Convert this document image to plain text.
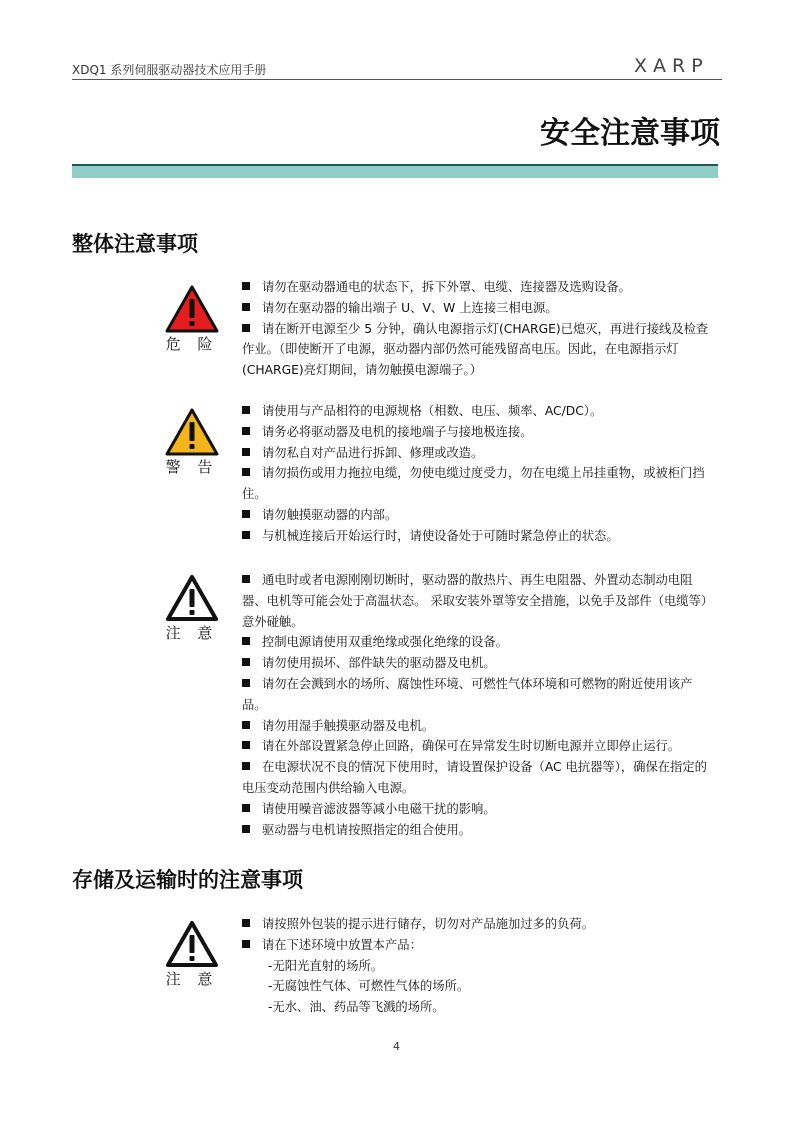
XDQ1 系列伺服驱动器技术应用手册	XARP
安全注意事项
整体注意事项
危 险
请勿在驱动器通电的状态下，拆下外罩、电缆、连接器及选购设备。
请勿在驱动器的输出端子 U、V、W 上连接三相电源。
请在断开电源至少 5 分钟，确认电源指示灯(CHARGE)已熄灭，再进行接线及检查作业。（即使断开了电源，驱动器内部仍然可能残留高电压。因此，在电源指示灯(CHARGE)亮灯期间，请勿触摸电源端子。）
警 告
请使用与产品相符的电源规格（相数、电压、频率、AC/DC）。
请务必将驱动器及电机的接地端子与接地极连接。
请勿私自对产品进行拆卸、修理或改造。
请勿损伤或用力拖拉电缆，勿使电缆过度受力，勿在电缆上吊挂重物，或被柜门挡住。
请勿触摸驱动器的内部。
与机械连接后开始运行时，请使设备处于可随时紧急停止的状态。
注 意
通电时或者电源刚刚切断时，驱动器的散热片、再生电阻器、外置动态制动电阻器、电机等可能会处于高温状态。 采取安装外罩等安全措施，以免手及部件（电缆等）意外碰触。
控制电源请使用双重绝缘或强化绝缘的设备。
请勿使用损坏、部件缺失的驱动器及电机。
请勿在会溅到水的场所、腐蚀性环境、可燃性气体环境和可燃物的附近使用该产品。
请勿用湿手触摸驱动器及电机。
请在外部设置紧急停止回路，确保可在异常发生时切断电源并立即停止运行。
在电源状况不良的情况下使用时，请设置保护设备（AC 电抗器等），确保在指定的电压变动范围内供给输入电源。
请使用噪音滤波器等减小电磁干扰的影响。
驱动器与电机请按照指定的组合使用。
存储及运输时的注意事项
注 意
请按照外包装的提示进行储存，切勿对产品施加过多的负荷。
请在下述环境中放置本产品：
-无阳光直射的场所。
-无腐蚀性气体、可燃性气体的场所。
-无水、油、药品等飞溅的场所。
4
